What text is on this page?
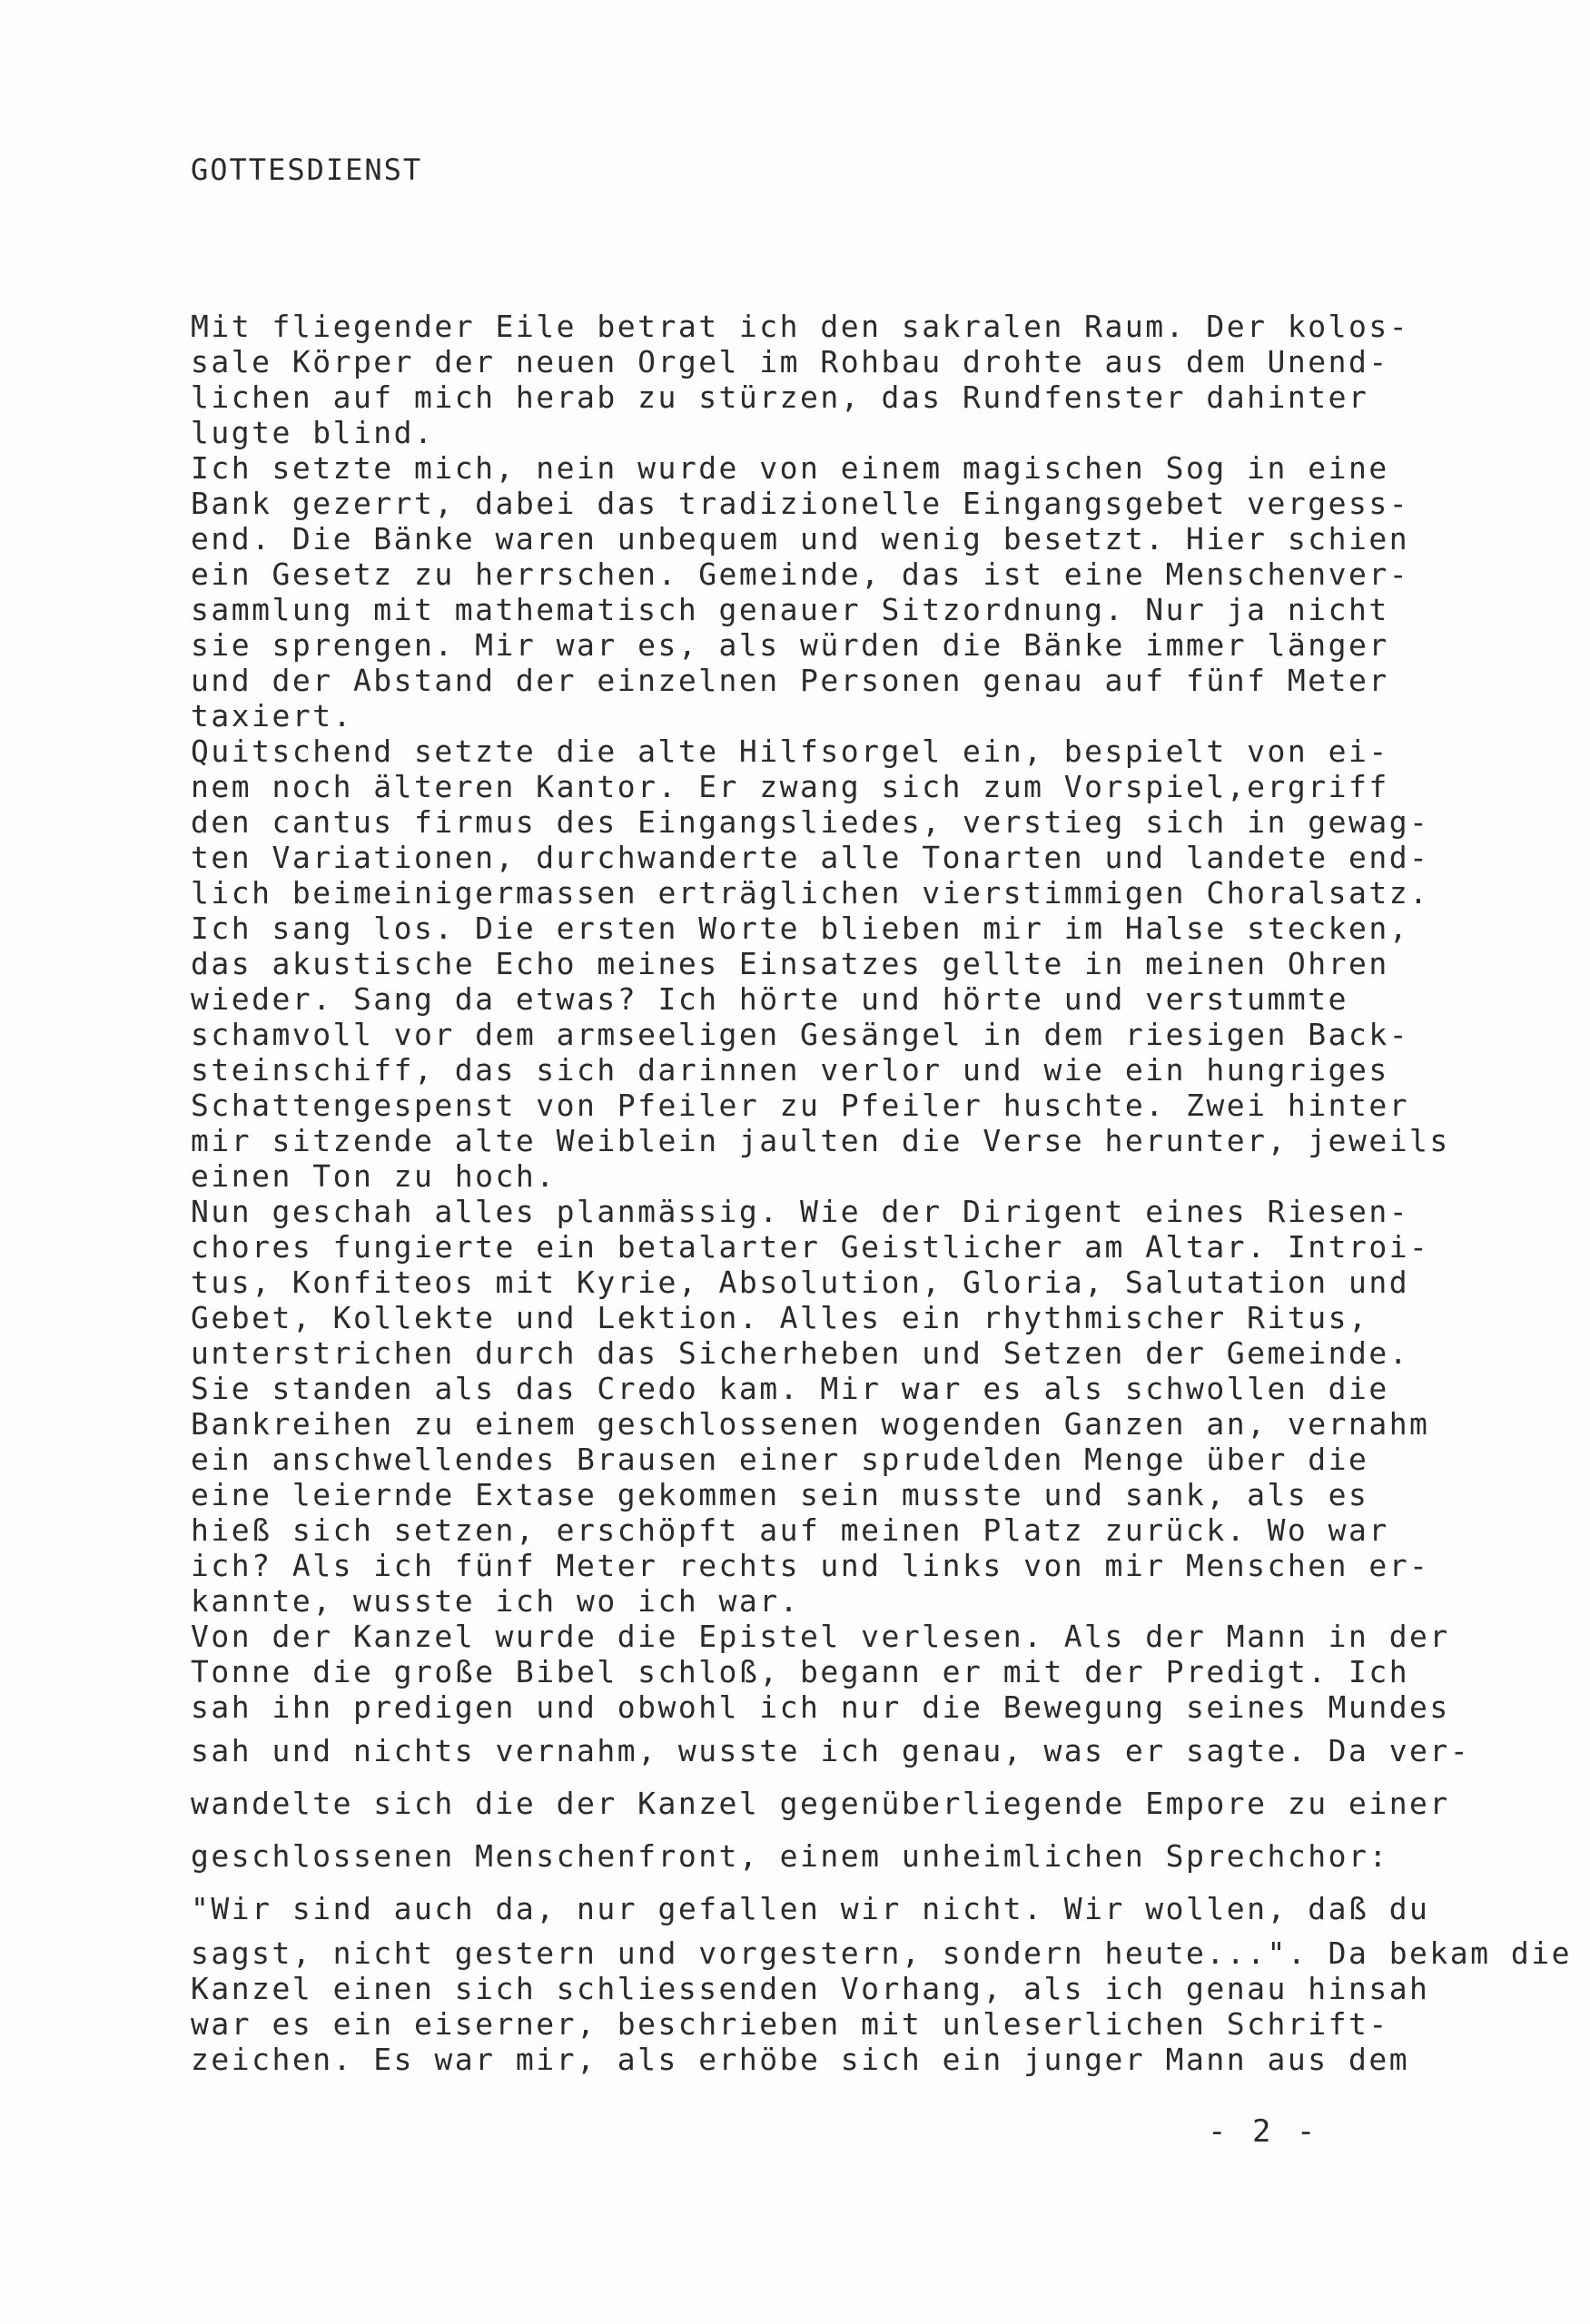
GOTTESDIENST
Mit fliegender Eile betrat ich den sakralen Raum. Der kolos-
sale Körper der neuen Orgel im Rohbau drohte aus dem Unend-
lichen auf mich herab zu stürzen, das Rundfenster dahinter
lugte blind.
Ich setzte mich, nein wurde von einem magischen Sog in eine
Bank gezerrt, dabei das tradizionelle Eingangsgebet vergess-
end. Die Bänke waren unbequem und wenig besetzt. Hier schien
ein Gesetz zu herrschen. Gemeinde, das ist eine Menschenver-
sammlung mit mathematisch genauer Sitzordnung. Nur ja nicht
sie sprengen. Mir war es, als würden die Bänke immer länger
und der Abstand der einzelnen Personen genau auf fünf Meter
taxiert.
Quitschend setzte die alte Hilfsorgel ein, bespielt von ei-
nem noch älteren Kantor. Er zwang sich zum Vorspiel,ergriff
den cantus firmus des Eingangsliedes, verstieg sich in gewag-
ten Variationen, durchwanderte alle Tonarten und landete end-
lich beimeinigermassen erträglichen vierstimmigen Choralsatz.
Ich sang los. Die ersten Worte blieben mir im Halse stecken,
das akustische Echo meines Einsatzes gellte in meinen Ohren
wieder. Sang da etwas? Ich hörte und hörte und verstummte
schamvoll vor dem armseeligen Gesängel in dem riesigen Back-
steinschiff, das sich darinnen verlor und wie ein hungriges
Schattengespenst von Pfeiler zu Pfeiler huschte. Zwei hinter
mir sitzende alte Weiblein jaulten die Verse herunter, jeweils
einen Ton zu hoch.
Nun geschah alles planmässig. Wie der Dirigent eines Riesen-
chores fungierte ein betalarter Geistlicher am Altar. Introi-
tus, Konfiteos mit Kyrie, Absolution, Gloria, Salutation und
Gebet, Kollekte und Lektion. Alles ein rhythmischer Ritus,
unterstrichen durch das Sicherheben und Setzen der Gemeinde.
Sie standen als das Credo kam. Mir war es als schwollen die
Bankreihen zu einem geschlossenen wogenden Ganzen an, vernahm
ein anschwellendes Brausen einer sprudelden Menge über die
eine leiernde Extase gekommen sein musste und sank, als es
hieß sich setzen, erschöpft auf meinen Platz zurück. Wo war
ich? Als ich fünf Meter rechts und links von mir Menschen er-
kannte, wusste ich wo ich war.
Von der Kanzel wurde die Epistel verlesen. Als der Mann in der
Tonne die große Bibel schloß, begann er mit der Predigt. Ich
sah ihn predigen und obwohl ich nur die Bewegung seines Mundes
sah und nichts vernahm, wusste ich genau, was er sagte. Da ver-
wandelte sich die der Kanzel gegenüberliegende Empore zu einer
geschlossenen Menschenfront, einem unheimlichen Sprechchor:
"Wir sind auch da, nur gefallen wir nicht. Wir wollen, daß du
sagst, nicht gestern und vorgestern, sondern heute...". Da bekam die
Kanzel einen sich schliessenden Vorhang, als ich genau hinsah
war es ein eiserner, beschrieben mit unleserlichen Schrift-
zeichen. Es war mir, als erhöbe sich ein junger Mann aus dem
- 2 -
